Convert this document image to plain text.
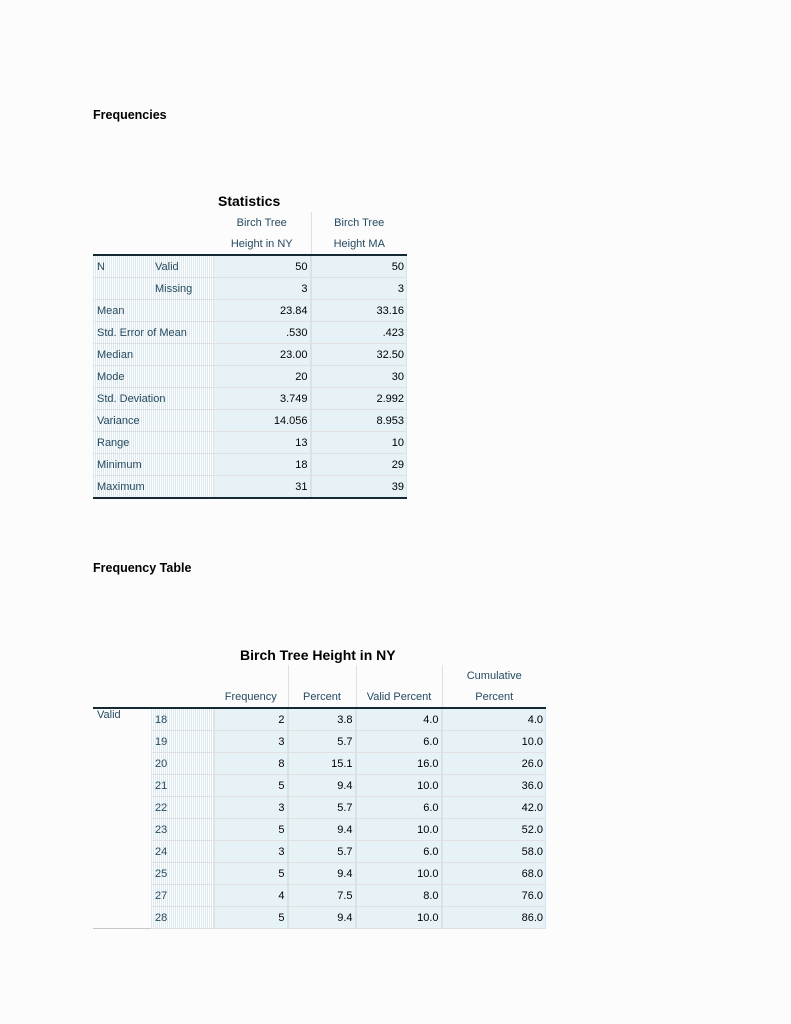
Frequencies
Statistics
		Birch Tree	Birch Tree
		Height in NY	Height MA
N	Valid	50	50
	Missing	3	3
Mean		23.84	33.16
Std. Error of Mean		.530	.423
Median		23.00	32.50
Mode		20	30
Std. Deviation		3.749	2.992
Variance		14.056	8.953
Range		13	10
Minimum		18	29
Maximum		31	39
Frequency Table
Birch Tree Height in NY
					Cumulative
		Frequency	Percent	Valid Percent	Percent
Valid	18	2	3.8	4.0	4.0
	19	3	5.7	6.0	10.0
	20	8	15.1	16.0	26.0
	21	5	9.4	10.0	36.0
	22	3	5.7	6.0	42.0
	23	5	9.4	10.0	52.0
	24	3	5.7	6.0	58.0
	25	5	9.4	10.0	68.0
	27	4	7.5	8.0	76.0
	28	5	9.4	10.0	86.0
